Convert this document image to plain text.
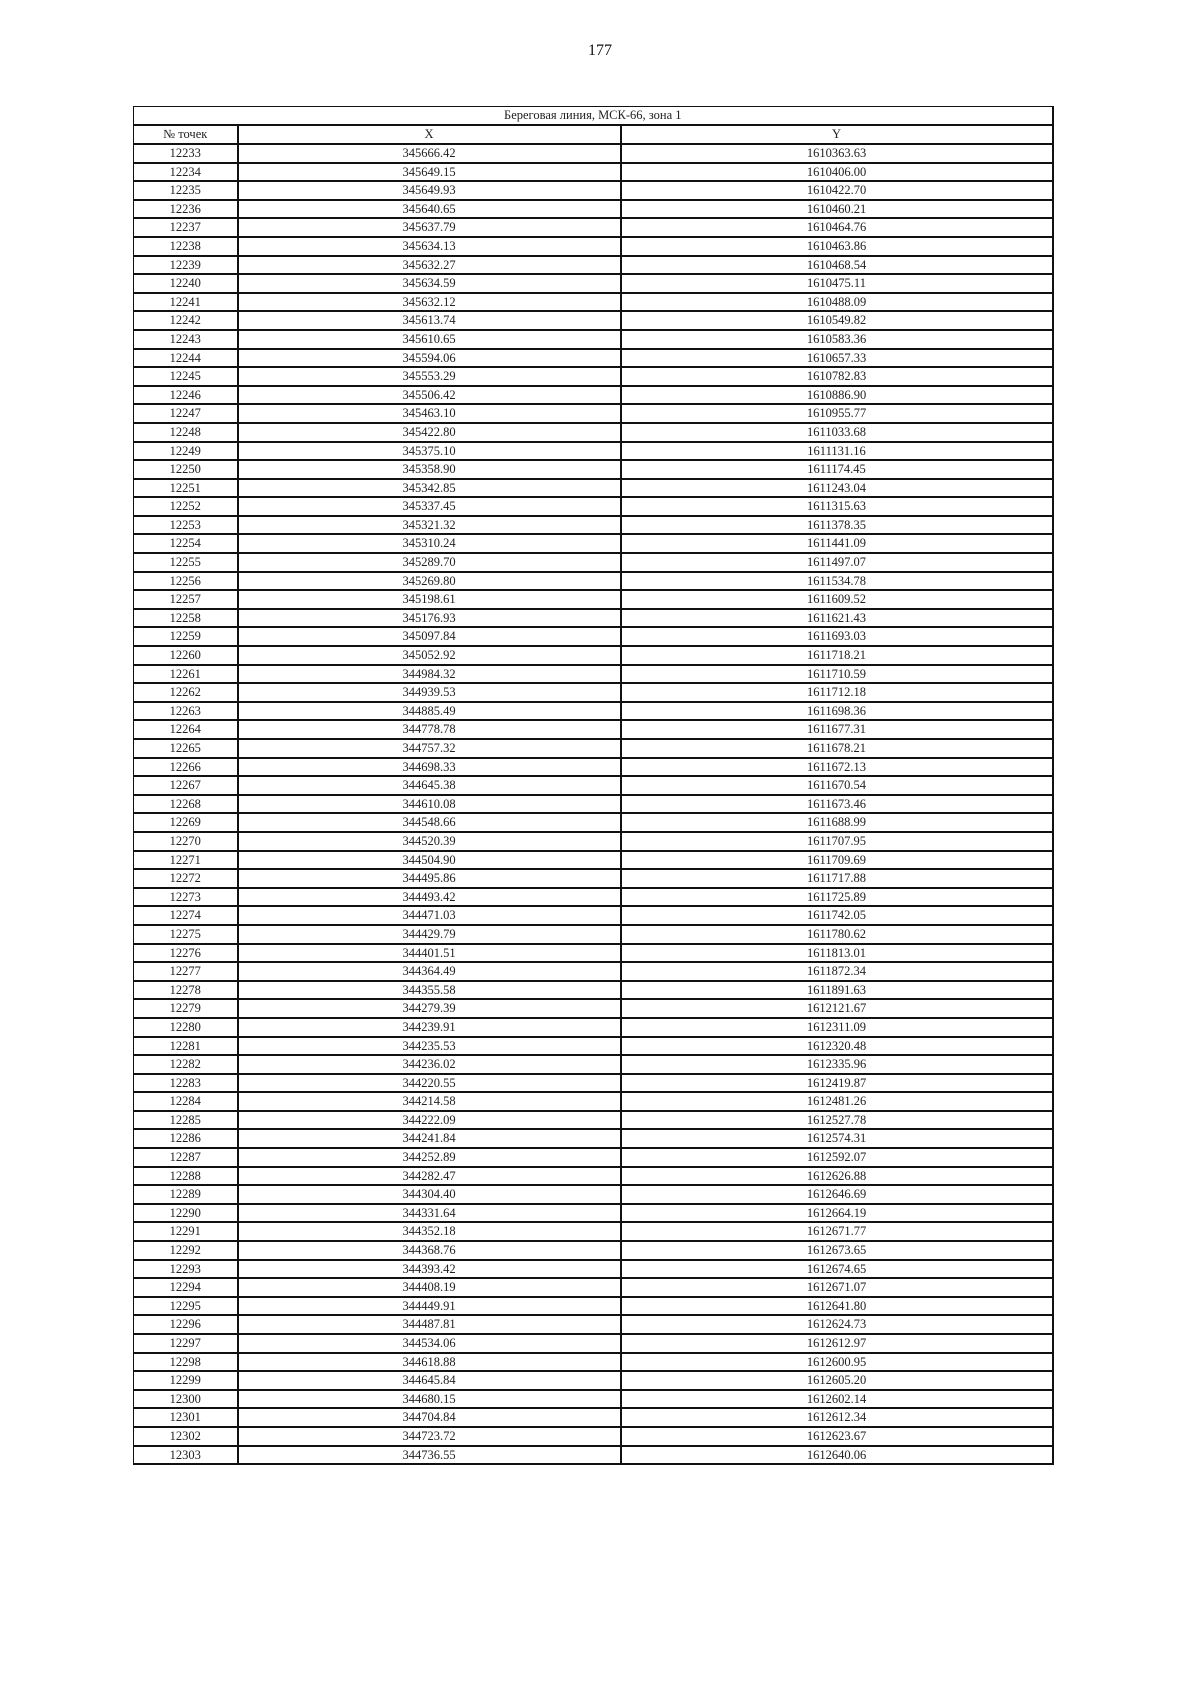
177
Береговая линия, МСК-66, зона 1		
№ точек	X	Y
12233	345666.42	1610363.63
12234	345649.15	1610406.00
12235	345649.93	1610422.70
12236	345640.65	1610460.21
12237	345637.79	1610464.76
12238	345634.13	1610463.86
12239	345632.27	1610468.54
12240	345634.59	1610475.11
12241	345632.12	1610488.09
12242	345613.74	1610549.82
12243	345610.65	1610583.36
12244	345594.06	1610657.33
12245	345553.29	1610782.83
12246	345506.42	1610886.90
12247	345463.10	1610955.77
12248	345422.80	1611033.68
12249	345375.10	1611131.16
12250	345358.90	1611174.45
12251	345342.85	1611243.04
12252	345337.45	1611315.63
12253	345321.32	1611378.35
12254	345310.24	1611441.09
12255	345289.70	1611497.07
12256	345269.80	1611534.78
12257	345198.61	1611609.52
12258	345176.93	1611621.43
12259	345097.84	1611693.03
12260	345052.92	1611718.21
12261	344984.32	1611710.59
12262	344939.53	1611712.18
12263	344885.49	1611698.36
12264	344778.78	1611677.31
12265	344757.32	1611678.21
12266	344698.33	1611672.13
12267	344645.38	1611670.54
12268	344610.08	1611673.46
12269	344548.66	1611688.99
12270	344520.39	1611707.95
12271	344504.90	1611709.69
12272	344495.86	1611717.88
12273	344493.42	1611725.89
12274	344471.03	1611742.05
12275	344429.79	1611780.62
12276	344401.51	1611813.01
12277	344364.49	1611872.34
12278	344355.58	1611891.63
12279	344279.39	1612121.67
12280	344239.91	1612311.09
12281	344235.53	1612320.48
12282	344236.02	1612335.96
12283	344220.55	1612419.87
12284	344214.58	1612481.26
12285	344222.09	1612527.78
12286	344241.84	1612574.31
12287	344252.89	1612592.07
12288	344282.47	1612626.88
12289	344304.40	1612646.69
12290	344331.64	1612664.19
12291	344352.18	1612671.77
12292	344368.76	1612673.65
12293	344393.42	1612674.65
12294	344408.19	1612671.07
12295	344449.91	1612641.80
12296	344487.81	1612624.73
12297	344534.06	1612612.97
12298	344618.88	1612600.95
12299	344645.84	1612605.20
12300	344680.15	1612602.14
12301	344704.84	1612612.34
12302	344723.72	1612623.67
12303	344736.55	1612640.06
